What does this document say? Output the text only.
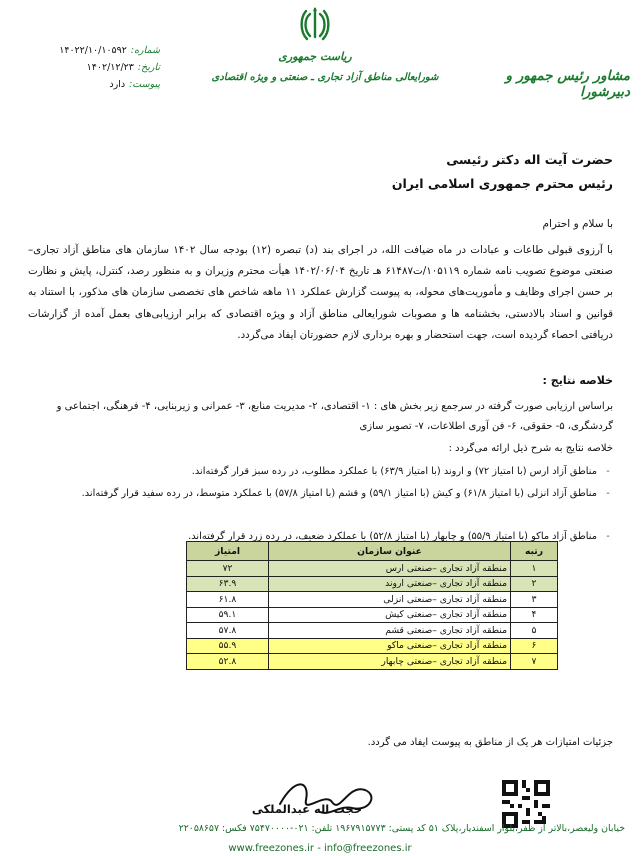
شماره:
۱۴۰۲۲/۱۰/۱۰۵۹۲
تاریخ:
۱۴۰۲/۱۲/۲۳
پیوست:
دارد
ریاست جمهوری
شورایعالی مناطق آزاد تجاری ـ صنعتی و ویژه اقتصادی	مشاور رئیس جمهور و دبیرشورا
حضرت آیت اله دکتر رئیسی
رئیس محترم جمهوری اسلامی ایران
با سلام و احترام
با آرزوی قبولی طاعات و عبادات در ماه ضیافت الله، در اجرای بند (د) تبصره (۱۲) بودجه سال ۱۴۰۲ سازمان های مناطق آزاد تجاری–صنعتی موضوع تصویب نامه شماره ۱۰۵۱۱۹/ت۶۱۴۸۷ هـ تاریخ ۱۴۰۲/۰۶/۰۴ هیأت محترم وزیران و به منظور رصد، کنترل، پایش و نظارت بر حسن اجرای وظایف و مأموریت‌های محوله، به پیوست گزارش عملکرد ۱۱ ماهه شاخص های تخصصی سازمان های مذکور، با استناد به قوانین و اسناد بالادستی، بخشنامه ها و مصوبات شورایعالی مناطق آزاد و ویژه اقتصادی که برابر ارزیابی‌های بعمل آمده از گزارشات دریافتی احصاء گردیده است، جهت استحضار و بهره برداری لازم حضورتان ایفاد می‌گردد.
خلاصه نتایج :
براساس ارزیابی صورت گرفته در سرجمع زیر بخش های : ۱- اقتصادی، ۲- مدیریت منابع، ۳- عمرانی و زیربنایی، ۴- فرهنگی، اجتماعی و گردشگری، ۵- حقوقی، ۶- فن آوری اطلاعات، ۷- تصویر سازی
خلاصه نتایج به شرح ذیل ارائه می‌گردد :
-
مناطق آزاد ارس (با امتیاز ۷۲) و اروند (با امتیاز ۶۳/۹) با عملکرد مطلوب، در رده سبز قرار گرفته‌اند.
-
مناطق آزاد انزلی (با امتیاز ۶۱/۸) و کیش (با امتیاز ۵۹/۱) و قشم (با امتیاز ۵۷/۸) با عملکرد متوسط، در رده سفید قرار گرفته‌اند.
-
مناطق آزاد ماکو (با امتیاز ۵۵/۹) و چابهار (با امتیاز ۵۲/۸) با عملکرد ضعیف، در رده زرد قرار گرفته‌اند.
رتبه	عنوان سازمان	امتیاز
۱	منطقه آزاد تجاری –صنعتی ارس	۷۲
۲	منطقه آزاد تجاری –صنعتی اروند	۶۳.۹
۳	منطقه آزاد تجاری –صنعتی انزلی	۶۱.۸
۴	منطقه آزاد تجاری –صنعتی کیش	۵۹.۱
۵	منطقه آزاد تجاری –صنعتی قشم	۵۷.۸
۶	منطقه آزاد تجاری –صنعتی ماکو	۵۵.۹
۷	منطقه آزاد تجاری –صنعتی چابهار	۵۲.۸
جزئیات امتیازات هر یک از مناطق به پیوست ایفاد می گردد.
حجت اله عبدالملکی
خیابان ولیعصر،بالاتر از ظفر،بلوار اسفندیار،پلاک ۵۱ کد پستی: ۱۹۶۷۹۱۵۷۷۳ تلفن: ۰۲۱-۷۵۴۷۰۰۰۰ فکس: ۲۲۰۵۸۶۵۷
www.freezones.ir - info@freezones.ir
